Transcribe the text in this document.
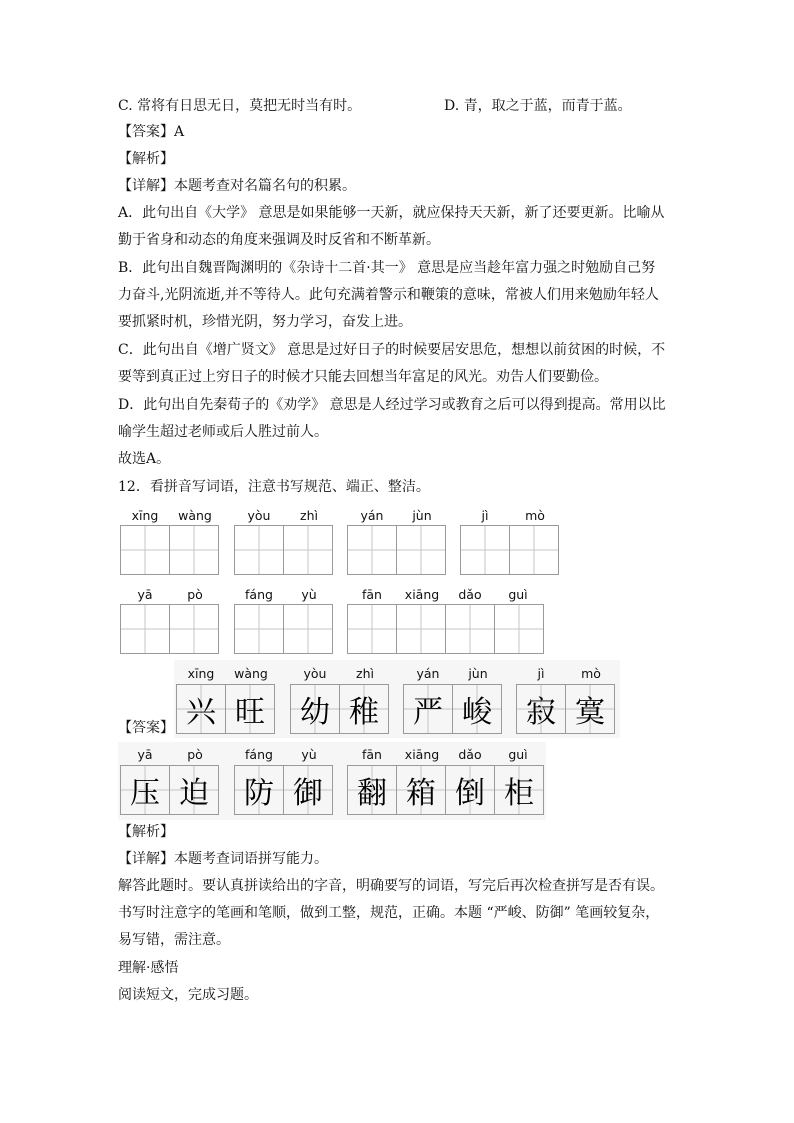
C. 常将有日思无日，莫把无时当有时。	D. 青，取之于蓝，而青于蓝。
【答案】A
【解析】
【详解】本题考查对名篇名句的积累。
A．此句出自《大学》 意思是如果能够一天新，就应保持天天新，新了还要更新。比喻从
勤于省身和动态的角度来强调及时反省和不断革新。
B．此句出自魏晋陶渊明的《杂诗十二首·其一》 意思是应当趁年富力强之时勉励自己努
力奋斗,光阴流逝,并不等待人。此句充满着警示和鞭策的意味，常被人们用来勉励年轻人
要抓紧时机，珍惜光阴，努力学习，奋发上进。
C．此句出自《增广贤文》 意思是过好日子的时候要居安思危，想想以前贫困的时候，不
要等到真正过上穷日子的时候才只能去回想当年富足的风光。劝告人们要勤俭。
D．此句出自先秦荀子的《劝学》 意思是人经过学习或教育之后可以得到提高。常用以比
喻学生超过老师或后人胜过前人。
故选A。
12．看拼音写词语，注意书写规范、端正、整洁。
xīng	wàng	yòu	zhì	yán	jùn	jì	mò
yā	pò	fáng	yù	fān	xiāng	dǎo	guì
【答案】
xīng	wàng
兴 旺
yòu	zhì
幼 稚
yán	jùn
严 峻
jì	mò
寂 寞
yā	pò
压 迫
fáng	yù
防 御
fān	xiāng	dǎo	guì
翻 箱 倒 柜
【解析】
【详解】本题考查词语拼写能力。
解答此题时。要认真拼读给出的字音，明确要写的词语，写完后再次检查拼写是否有误。
书写时注意字的笔画和笔顺，做到工整，规范，正确。本题 “严峻、防御” 笔画较复杂，
易写错，需注意。
理解·感悟
阅读短文，完成习题。
